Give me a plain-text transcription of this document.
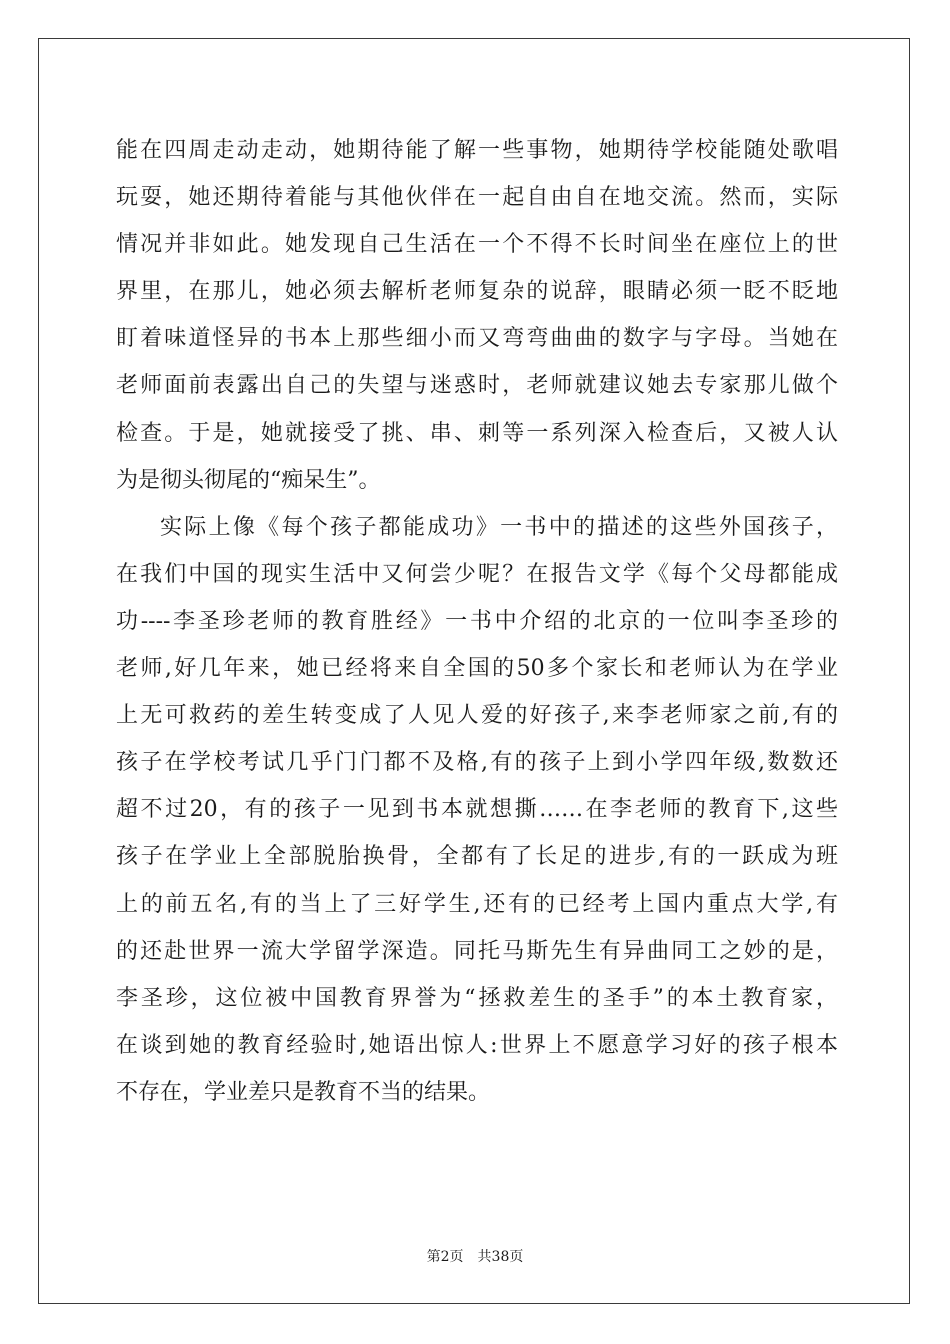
能在四周走动走动，她期待能了解一些事物，她期待学校能随处歌唱
玩耍，她还期待着能与其他伙伴在一起自由自在地交流。然而，实际
情况并非如此。她发现自己生活在一个不得不长时间坐在座位上的世
界里，在那儿，她必须去解析老师复杂的说辞，眼睛必须一眨不眨地
盯着味道怪异的书本上那些细小而又弯弯曲曲的数字与字母。当她在
老师面前表露出自己的失望与迷惑时，老师就建议她去专家那儿做个
检查。于是，她就接受了挑、串、刺等一系列深入检查后，又被人认
为是彻头彻尾的“痴呆生”。

实际上像《每个孩子都能成功》一书中的描述的这些外国孩子，
在我们中国的现实生活中又何尝少呢？在报告文学《每个父母都能成
功----李圣珍老师的教育胜经》一书中介绍的北京的一位叫李圣珍的
老师,好几年来，她已经将来自全国的50多个家长和老师认为在学业
上无可救药的差生转变成了人见人爱的好孩子,来李老师家之前,有的
孩子在学校考试几乎门门都不及格,有的孩子上到小学四年级,数数还
超不过20，有的孩子一见到书本就想撕……在李老师的教育下,这些
孩子在学业上全部脱胎换骨，全都有了长足的进步,有的一跃成为班
上的前五名,有的当上了三好学生,还有的已经考上国内重点大学,有
的还赴世界一流大学留学深造。同托马斯先生有异曲同工之妙的是，
李圣珍，这位被中国教育界誉为“拯救差生的圣手”的本土教育家，
在谈到她的教育经验时,她语出惊人:世界上不愿意学习好的孩子根本
不存在，学业差只是教育不当的结果。

第2页 共38页
